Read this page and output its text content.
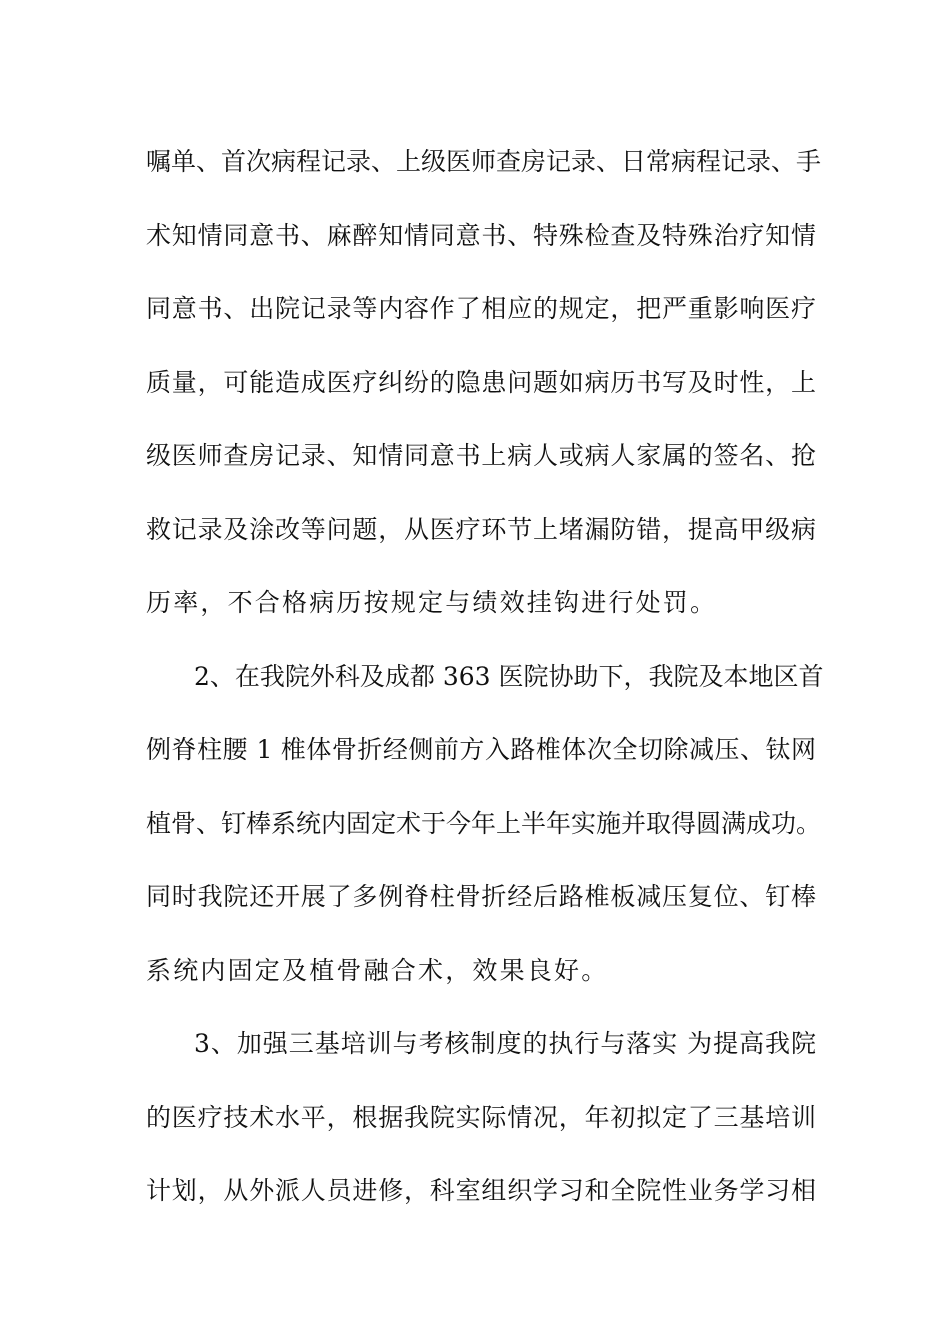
嘱单、首次病程记录、上级医师查房记录、日常病程记录、手
术知情同意书、麻醉知情同意书、特殊检查及特殊治疗知情
同意书、出院记录等内容作了相应的规定，把严重影响医疗
质量，可能造成医疗纠纷的隐患问题如病历书写及时性，上
级医师查房记录、知情同意书上病人或病人家属的签名、抢
救记录及涂改等问题，从医疗环节上堵漏防错，提高甲级病
历率，不合格病历按规定与绩效挂钩进行处罚。
2、在我院外科及成都 363 医院协助下，我院及本地区首
例脊柱腰 1 椎体骨折经侧前方入路椎体次全切除减压、钛网
植骨、钉棒系统内固定术于今年上半年实施并取得圆满成功。
同时我院还开展了多例脊柱骨折经后路椎板减压复位、钉棒
系统内固定及植骨融合术，效果良好。
3、加强三基培训与考核制度的执行与落实 为提高我院
的医疗技术水平，根据我院实际情况，年初拟定了三基培训
计划，从外派人员进修，科室组织学习和全院性业务学习相
